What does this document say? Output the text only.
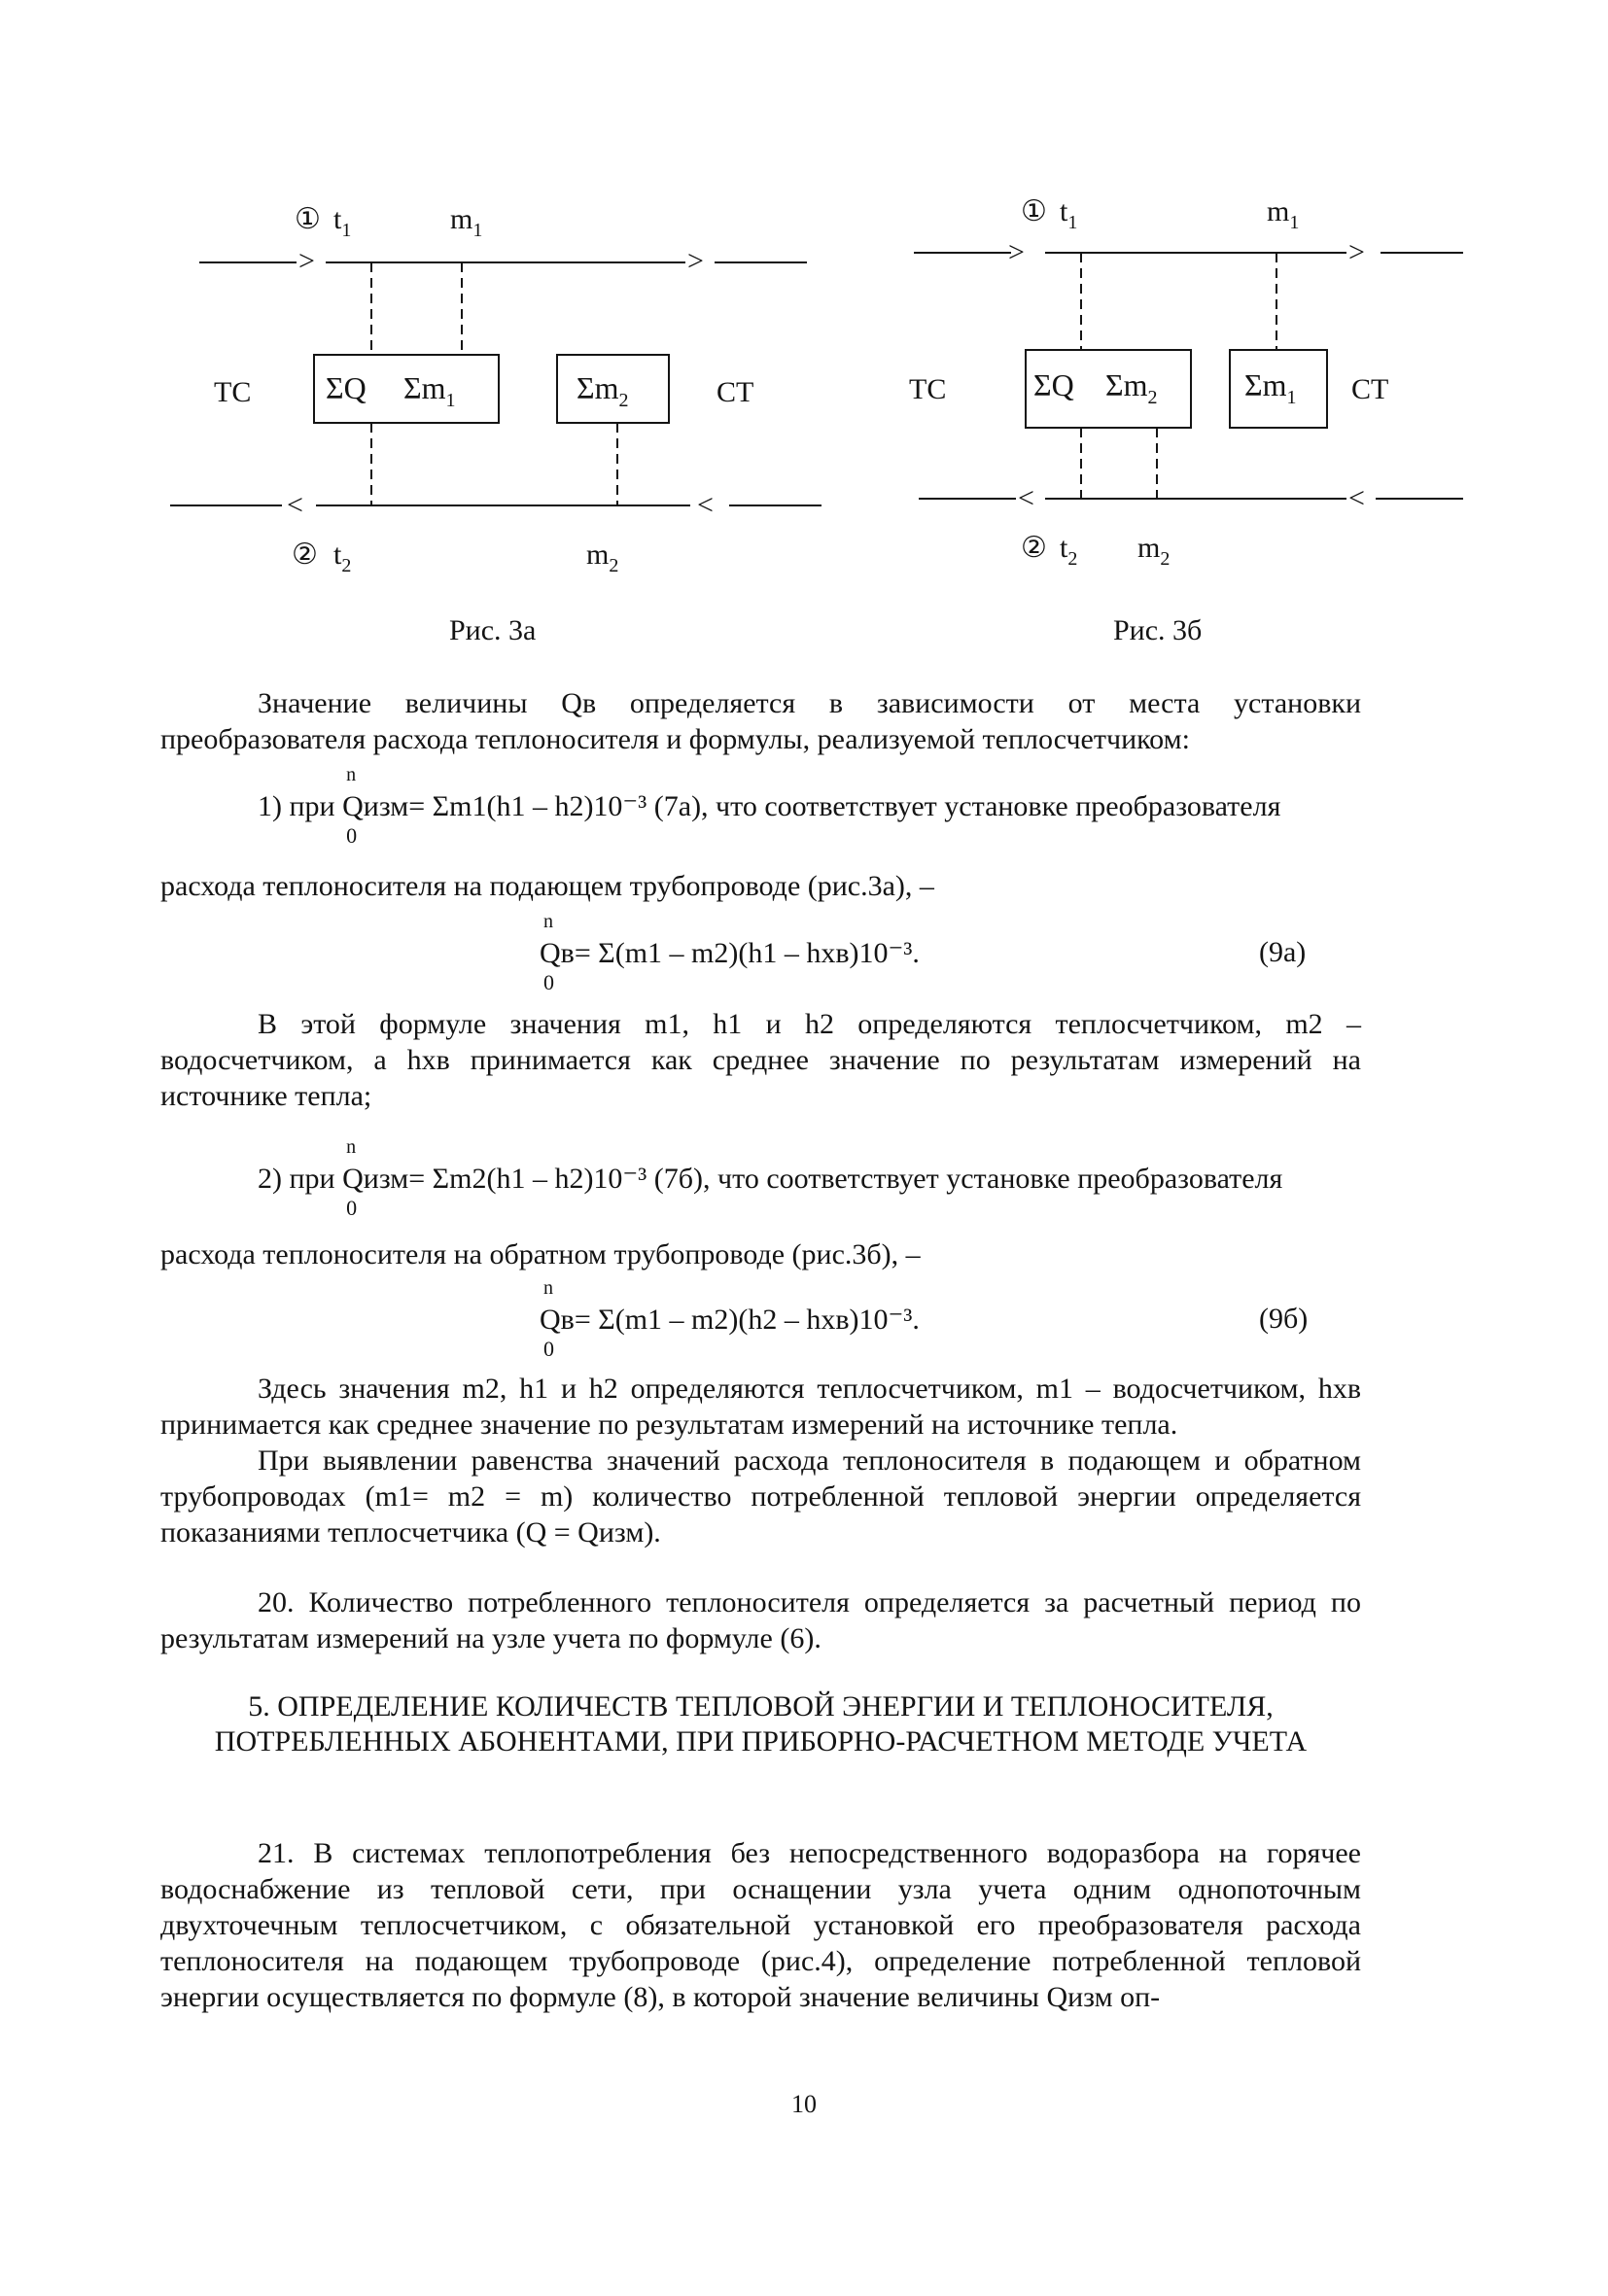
>	>
<	<
① $t_1$	$m_1$
ТС	СТ
ΣQ $\Sigma m_1$	$\Sigma m_2$
② $t_2$	$m_2$
Рис. 3а
>	>
<	<
① $t_1$	$m_1$
ТС	СТ
ΣQ $\Sigma m_2$	$\Sigma m_1$
② $t_2$ $m_2$
Рис. 3б
Значение величины Qв определяется в зависимости от места установки преобразователя расхода теплоносителя и формулы, реализуемой теплосчетчиком:
1) при
n
Qизм= Σm1(h1 – h2)10⁻³
0
(7а), что соответствует установке преобразователя
расхода теплоносителя на подающем трубопроводе (рис.3а), –
n
Qв= Σ(m1 – m2)(h1 – hхв)10⁻³.
0
(9а)
В этой формуле значения m1, h1 и h2 определяются теплосчетчиком, m2 – водосчетчиком, а hхв принимается как среднее значение по результатам измерений на источнике тепла;
2) при
n
Qизм= Σm2(h1 – h2)10⁻³
0
(7б), что соответствует установке преобразователя
расхода теплоносителя на обратном трубопроводе (рис.3б), –
n
Qв= Σ(m1 – m2)(h2 – hхв)10⁻³.
0
(9б)
Здесь значения m2, h1 и h2 определяются теплосчетчиком, m1 – водосчетчиком, hхв принимается как среднее значение по результатам измерений на источнике тепла.
При выявлении равенства значений расхода теплоносителя в подающем и обратном трубопроводах (m1= m2 = m) количество потребленной тепловой энергии определяется показаниями теплосчетчика (Q = Qизм).
20. Количество потребленного теплоносителя определяется за расчетный период по результатам измерений на узле учета по формуле (6).
5. ОПРЕДЕЛЕНИЕ КОЛИЧЕСТВ ТЕПЛОВОЙ ЭНЕРГИИ И ТЕПЛОНОСИТЕЛЯ, ПОТРЕБЛЕННЫХ АБОНЕНТАМИ, ПРИ ПРИБОРНО-РАСЧЕТНОМ МЕТОДЕ УЧЕТА
21. В системах теплопотребления без непосредственного водоразбора на горячее водоснабжение из тепловой сети, при оснащении узла учета одним однопоточным двухточечным теплосчетчиком, с обязательной установкой его преобразователя расхода теплоносителя на подающем трубопроводе (рис.4), определение потребленной тепловой энергии осуществляется по формуле (8), в которой значение величины Qизм оп-
10
